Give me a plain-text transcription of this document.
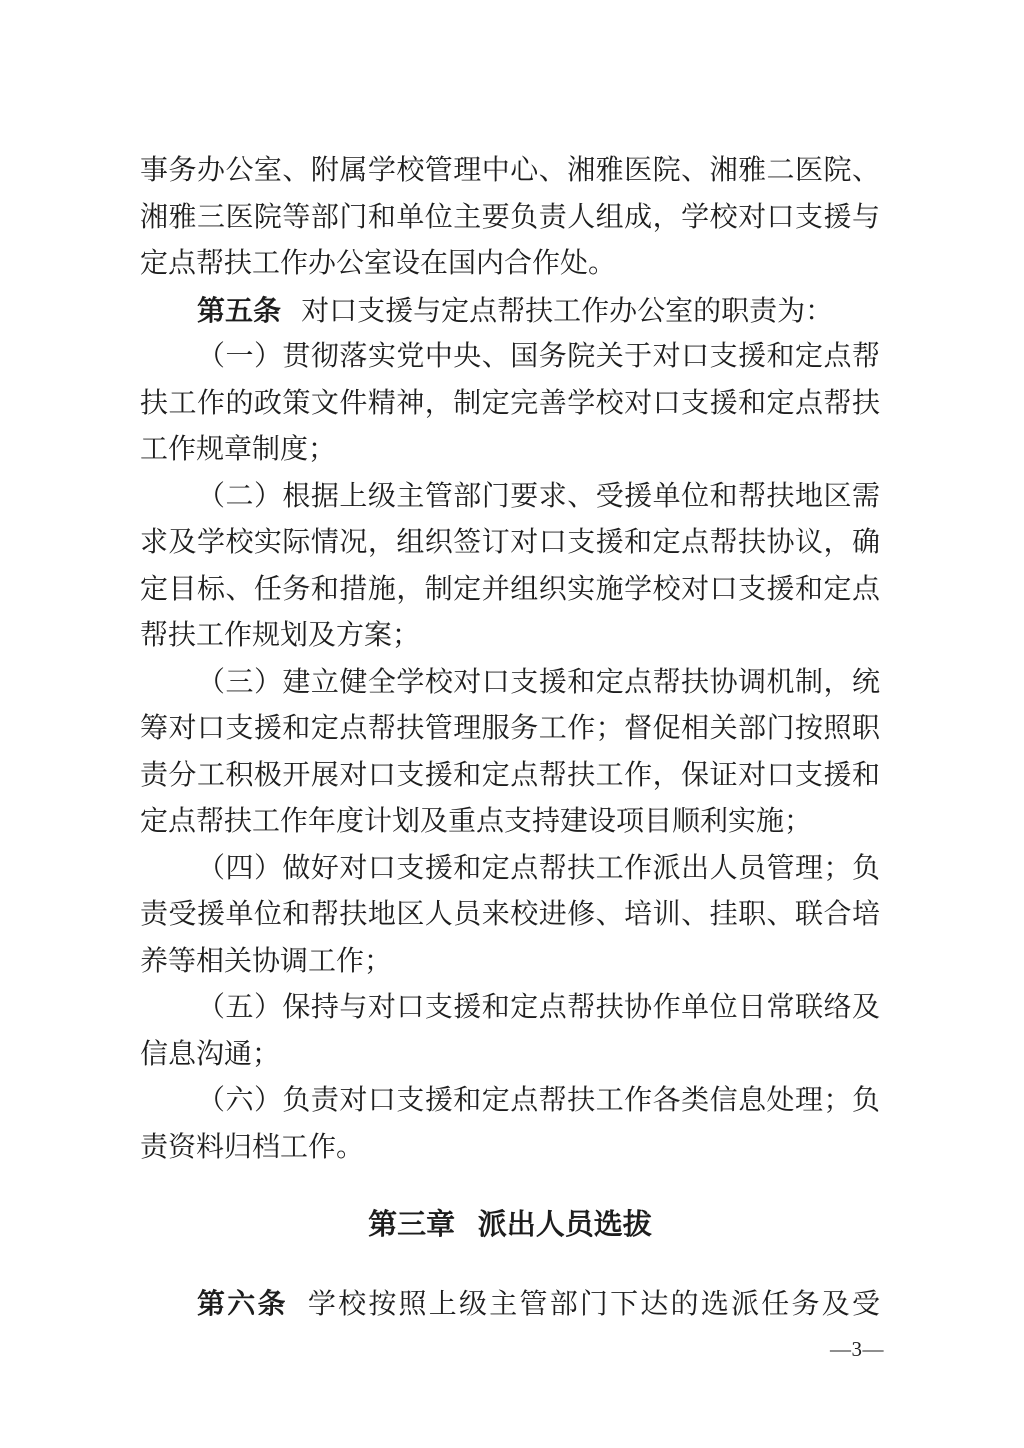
事务办公室、附属学校管理中心、湘雅医院、湘雅二医院、
湘雅三医院等部门和单位主要负责人组成，学校对口支援与
定点帮扶工作办公室设在国内合作处。
第五条 对口支援与定点帮扶工作办公室的职责为：
（一）贯彻落实党中央、国务院关于对口支援和定点帮
扶工作的政策文件精神，制定完善学校对口支援和定点帮扶
工作规章制度；
（二）根据上级主管部门要求、受援单位和帮扶地区需
求及学校实际情况，组织签订对口支援和定点帮扶协议，确
定目标、任务和措施，制定并组织实施学校对口支援和定点
帮扶工作规划及方案；
（三）建立健全学校对口支援和定点帮扶协调机制，统
筹对口支援和定点帮扶管理服务工作；督促相关部门按照职
责分工积极开展对口支援和定点帮扶工作，保证对口支援和
定点帮扶工作年度计划及重点支持建设项目顺利实施；
（四）做好对口支援和定点帮扶工作派出人员管理；负
责受援单位和帮扶地区人员来校进修、培训、挂职、联合培
养等相关协调工作；
（五）保持与对口支援和定点帮扶协作单位日常联络及
信息沟通；
（六）负责对口支援和定点帮扶工作各类信息处理；负
责资料归档工作。
第三章 派出人员选拔
第六条 学校按照上级主管部门下达的选派任务及受
—3—
